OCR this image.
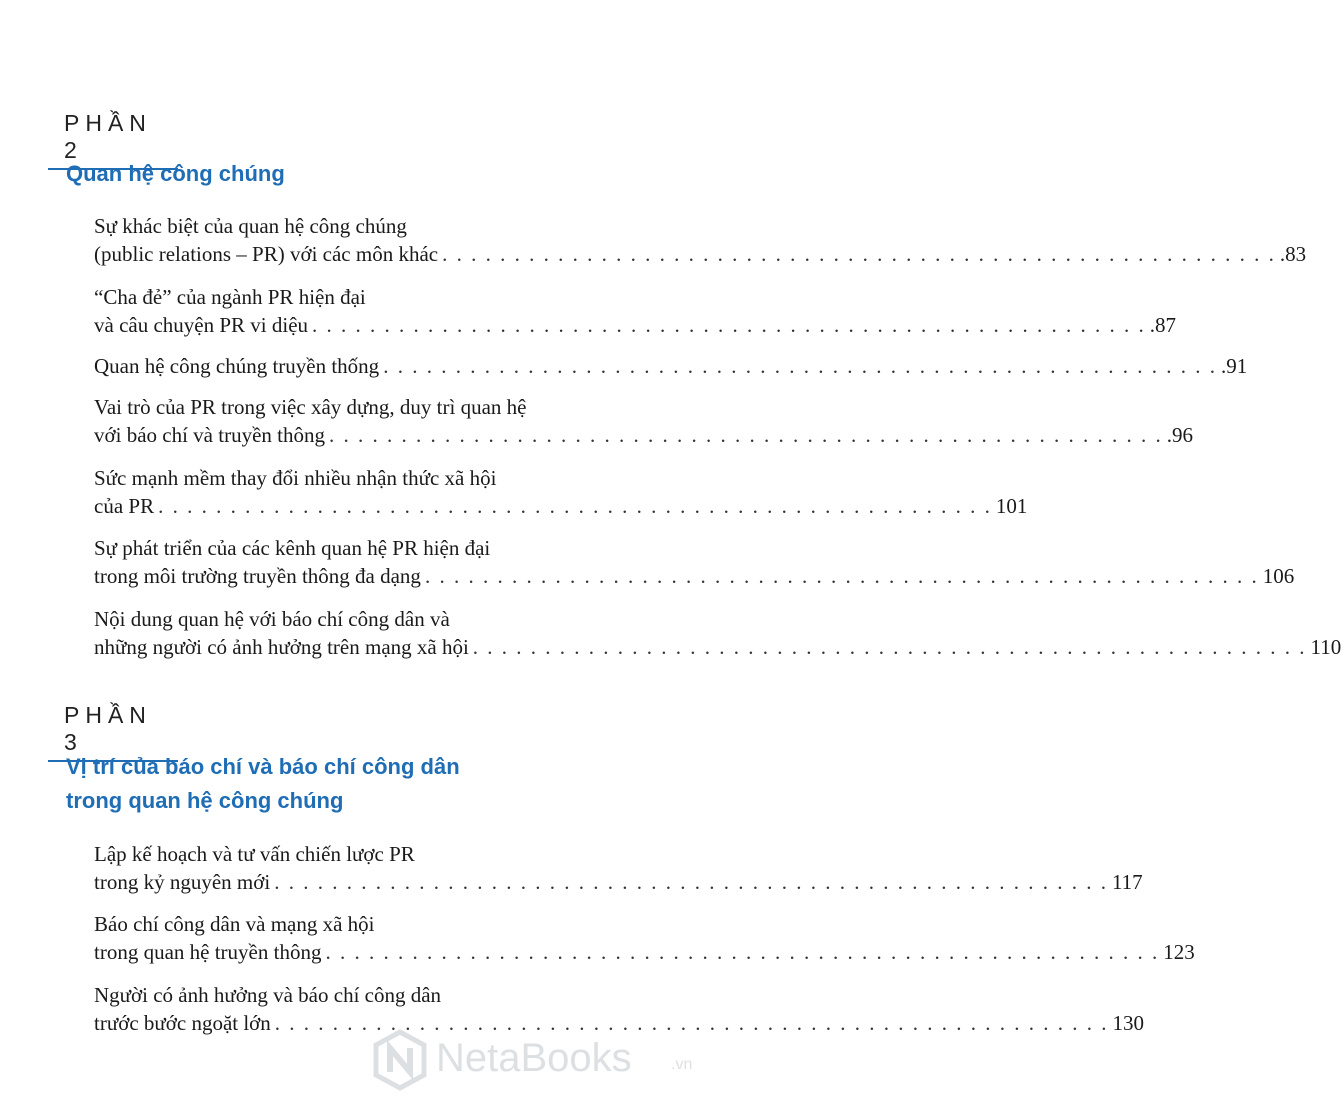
PHẦN 2
Quan hệ công chúng
Sự khác biệt của quan hệ công chúng
(public relations – PR) với các môn khác . . . . . . . . . . . . . . . . . . . . . . . . . . . . . . . . . . . . . . . . . . . . . . . . . . . . . . . . . . .83
“Cha đẻ” của ngành PR hiện đại
và câu chuyện PR vi diệu . . . . . . . . . . . . . . . . . . . . . . . . . . . . . . . . . . . . . . . . . . . . . . . . . . . . . . . . . . .87
Quan hệ công chúng truyền thống . . . . . . . . . . . . . . . . . . . . . . . . . . . . . . . . . . . . . . . . . . . . . . . . . . . . . . . . . . .91
Vai trò của PR trong việc xây dựng, duy trì quan hệ
với báo chí và truyền thông . . . . . . . . . . . . . . . . . . . . . . . . . . . . . . . . . . . . . . . . . . . . . . . . . . . . . . . . . . .96
Sức mạnh mềm thay đổi nhiều nhận thức xã hội
của PR . . . . . . . . . . . . . . . . . . . . . . . . . . . . . . . . . . . . . . . . . . . . . . . . . . . . . . . . . . 101
Sự phát triển của các kênh quan hệ PR hiện đại
trong môi trường truyền thông đa dạng . . . . . . . . . . . . . . . . . . . . . . . . . . . . . . . . . . . . . . . . . . . . . . . . . . . . . . . . . . 106
Nội dung quan hệ với báo chí công dân và
những người có ảnh hưởng trên mạng xã hội . . . . . . . . . . . . . . . . . . . . . . . . . . . . . . . . . . . . . . . . . . . . . . . . . . . . . . . . . . 110
PHẦN 3
Vị trí của báo chí và báo chí công dân
trong quan hệ công chúng
Lập kế hoạch và tư vấn chiến lược PR
trong kỷ nguyên mới . . . . . . . . . . . . . . . . . . . . . . . . . . . . . . . . . . . . . . . . . . . . . . . . . . . . . . . . . . 117
Báo chí công dân và mạng xã hội
trong quan hệ truyền thông . . . . . . . . . . . . . . . . . . . . . . . . . . . . . . . . . . . . . . . . . . . . . . . . . . . . . . . . . . 123
Người có ảnh hưởng và báo chí công dân
trước bước ngoặt lớn . . . . . . . . . . . . . . . . . . . . . . . . . . . . . . . . . . . . . . . . . . . . . . . . . . . . . . . . . . 130
NetaBooks .vn
